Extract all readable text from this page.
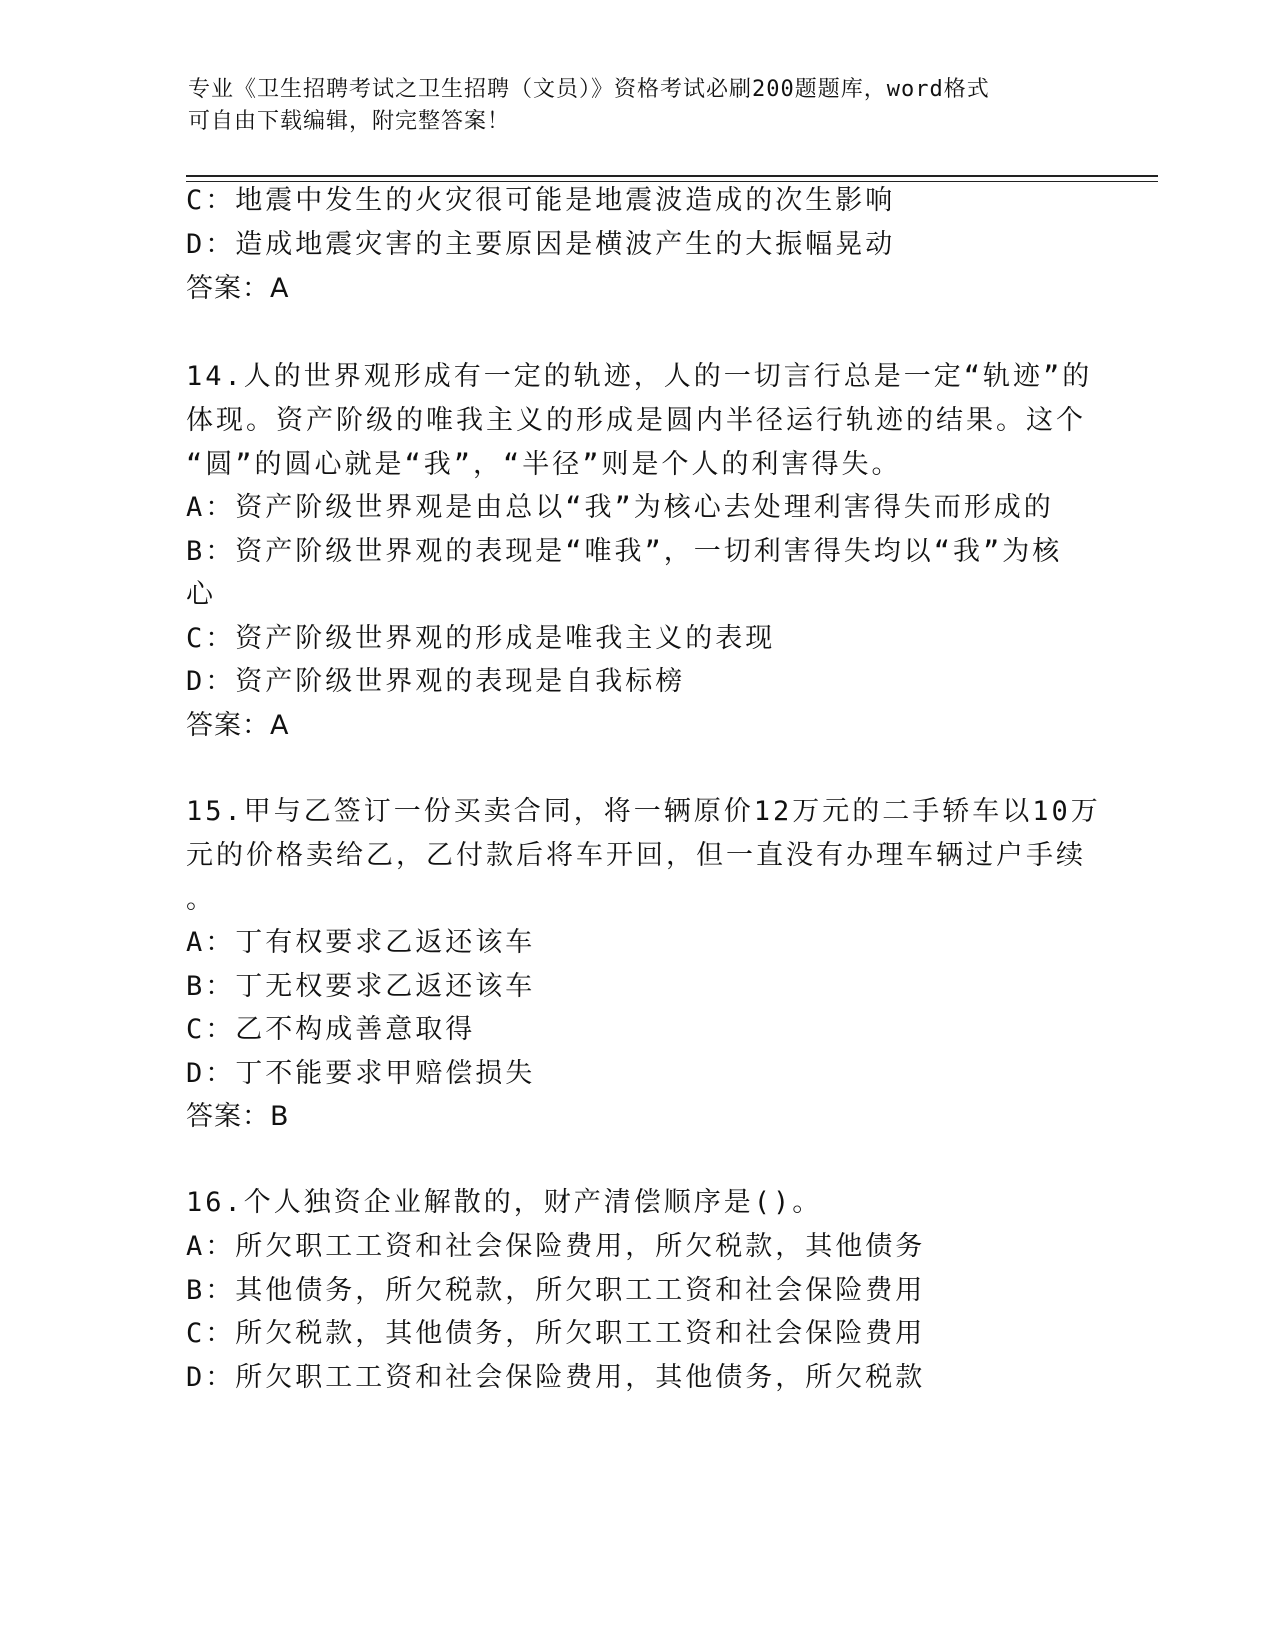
专业《卫生招聘考试之卫生招聘（文员）》资格考试必刷200题题库，word格式
可自由下载编辑，附完整答案！
C：地震中发生的火灾很可能是地震波造成的次生影响
D：造成地震灾害的主要原因是横波产生的大振幅晃动
答案：A
14.人的世界观形成有一定的轨迹，人的一切言行总是一定“轨迹”的
体现。资产阶级的唯我主义的形成是圆内半径运行轨迹的结果。这个
“圆”的圆心就是“我”，“半径”则是个人的利害得失。
A：资产阶级世界观是由总以“我”为核心去处理利害得失而形成的
B：资产阶级世界观的表现是“唯我”，一切利害得失均以“我”为核
心
C：资产阶级世界观的形成是唯我主义的表现
D：资产阶级世界观的表现是自我标榜
答案：A
15.甲与乙签订一份买卖合同，将一辆原价12万元的二手轿车以10万
元的价格卖给乙，乙付款后将车开回，但一直没有办理车辆过户手续
。
A：丁有权要求乙返还该车
B：丁无权要求乙返还该车
C：乙不构成善意取得
D：丁不能要求甲赔偿损失
答案：B
16.个人独资企业解散的，财产清偿顺序是()。
A：所欠职工工资和社会保险费用，所欠税款，其他债务
B：其他债务，所欠税款，所欠职工工资和社会保险费用
C：所欠税款，其他债务，所欠职工工资和社会保险费用
D：所欠职工工资和社会保险费用，其他债务，所欠税款
